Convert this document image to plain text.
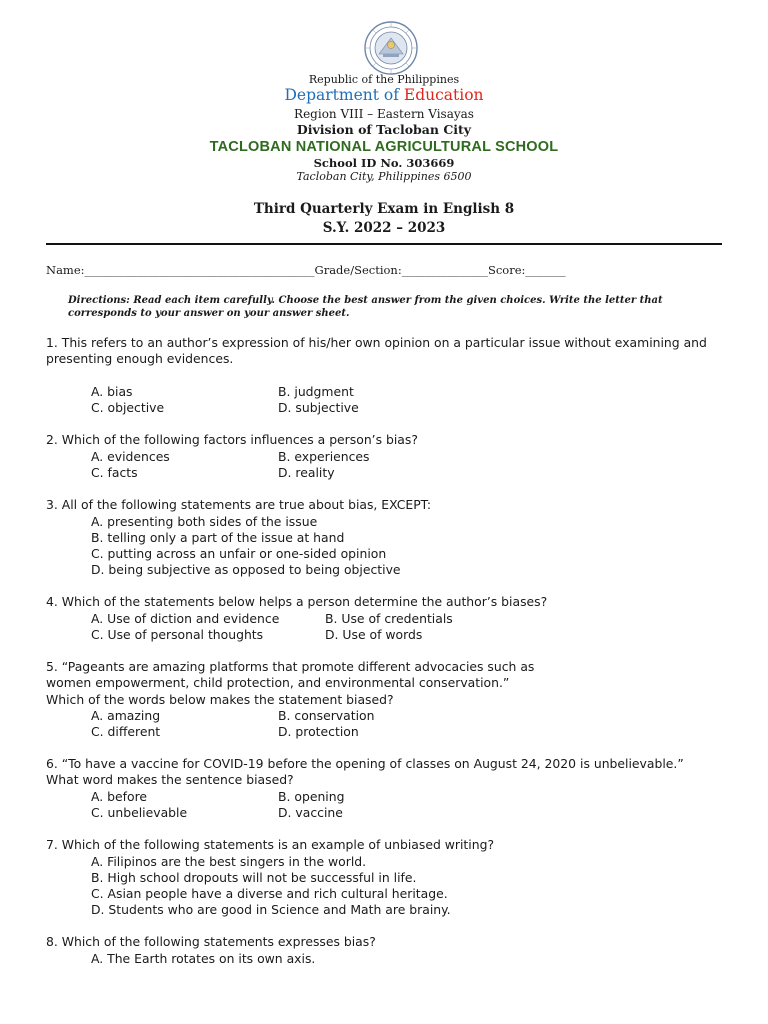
Republic of the Philippines
Department of Education
Region VIII – Eastern Visayas
Division of Tacloban City
TACLOBAN NATIONAL AGRICULTURAL SCHOOL
School ID No. 303669
Tacloban City, Philippines 6500
Third Quarterly Exam in English 8
S.Y. 2022 – 2023
Name:________________________________________Grade/Section:_______________Score:_______
Directions: Read each item carefully. Choose the best answer from the given choices. Write the letter that corresponds to your answer on your answer sheet.
1. This refers to an author’s expression of his/her own opinion on a particular issue without examining and
presenting enough evidences.
A. bias	B. judgment
C. objective	D. subjective
2. Which of the following factors influences a person’s bias?
A. evidences	B. experiences
C. facts	D. reality
3. All of the following statements are true about bias, EXCEPT:
A. presenting both sides of the issue
B. telling only a part of the issue at hand
C. putting across an unfair or one-sided opinion
D. being subjective as opposed to being objective
4. Which of the statements below helps a person determine the author’s biases?
A. Use of diction and evidence	B. Use of credentials
C. Use of personal thoughts	D. Use of words
5. “Pageants are amazing platforms that promote different advocacies such as
women empowerment, child protection, and environmental conservation.”
Which of the words below makes the statement biased?
A. amazing	B. conservation
C. different	D. protection
6. “To have a vaccine for COVID-19 before the opening of classes on August 24, 2020 is unbelievable.”
What word makes the sentence biased?
A. before	B. opening
C. unbelievable	D. vaccine
7. Which of the following statements is an example of unbiased writing?
A. Filipinos are the best singers in the world.
B. High school dropouts will not be successful in life.
C. Asian people have a diverse and rich cultural heritage.
D. Students who are good in Science and Math are brainy.
8. Which of the following statements expresses bias?
A. The Earth rotates on its own axis.
